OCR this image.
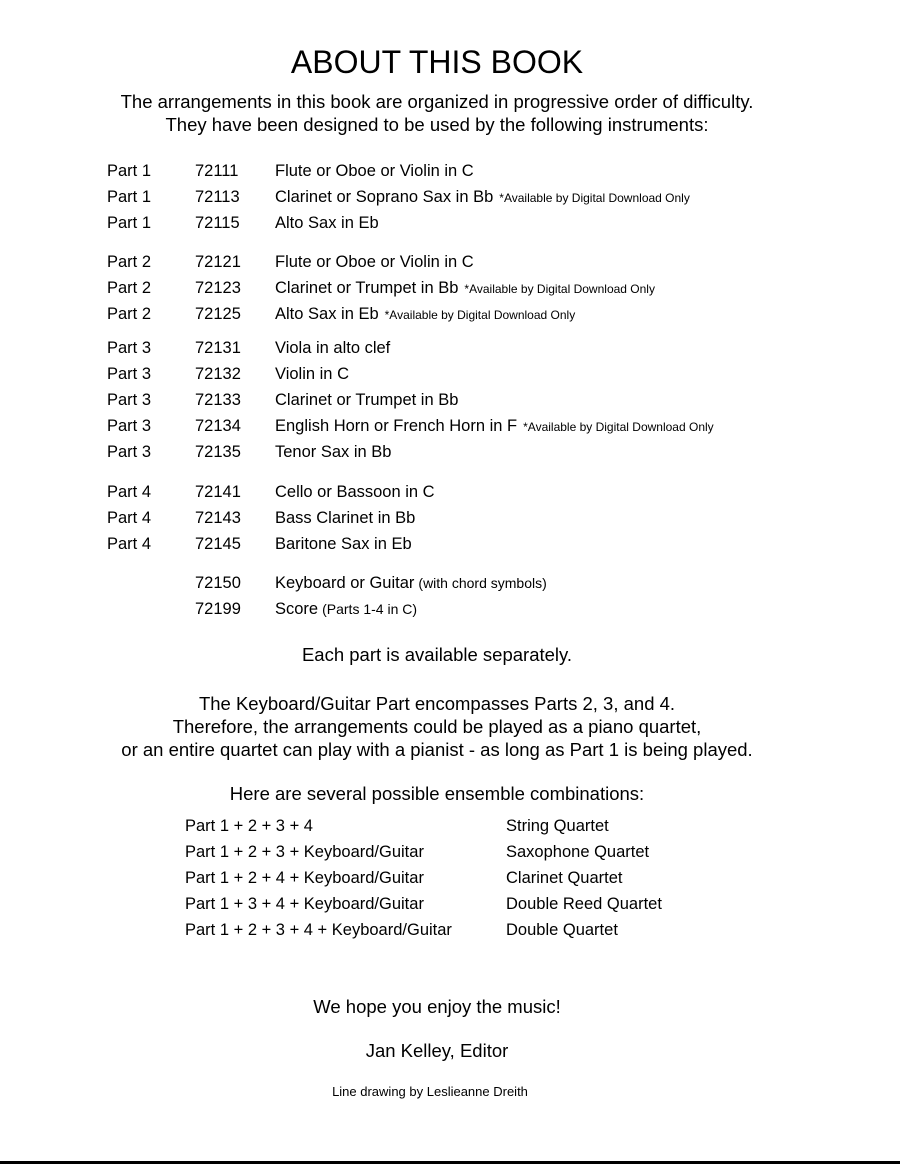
ABOUT THIS BOOK
The arrangements in this book are organized in progressive order of difficulty.
They have been designed to be used by the following instruments:
Part 1	72111 Flute or Oboe or Violin in C
Part 1	72113 Clarinet or Soprano Sax in Bb *Available by Digital Download Only
Part 1	72115 Alto Sax in Eb
Part 2	72121 Flute or Oboe or Violin in C
Part 2	72123 Clarinet or Trumpet in Bb *Available by Digital Download Only
Part 2	72125 Alto Sax in Eb *Available by Digital Download Only
Part 3	72131 Viola in alto clef
Part 3	72132 Violin in C
Part 3	72133 Clarinet or Trumpet in Bb
Part 3	72134 English Horn or French Horn in F *Available by Digital Download Only
Part 3	72135 Tenor Sax in Bb
Part 4	72141 Cello or Bassoon in C
Part 4	72143 Bass Clarinet in Bb
Part 4	72145 Baritone Sax in Eb
72150 Keyboard or Guitar (with chord symbols)
72199 Score (Parts 1-4 in C)
Each part is available separately.
The Keyboard/Guitar Part encompasses Parts 2, 3, and 4.
Therefore, the arrangements could be played as a piano quartet,
or an entire quartet can play with a pianist - as long as Part 1 is being played.
Here are several possible ensemble combinations:
Part 1 + 2 + 3 + 4	String Quartet
Part 1 + 2 + 3 + Keyboard/Guitar	Saxophone Quartet
Part 1 + 2 + 4 + Keyboard/Guitar	Clarinet Quartet
Part 1 + 3 + 4 + Keyboard/Guitar	Double Reed Quartet
Part 1 + 2 + 3 + 4 + Keyboard/Guitar	Double Quartet
We hope you enjoy the music!
Jan Kelley, Editor
Line drawing by Leslieanne Dreith
